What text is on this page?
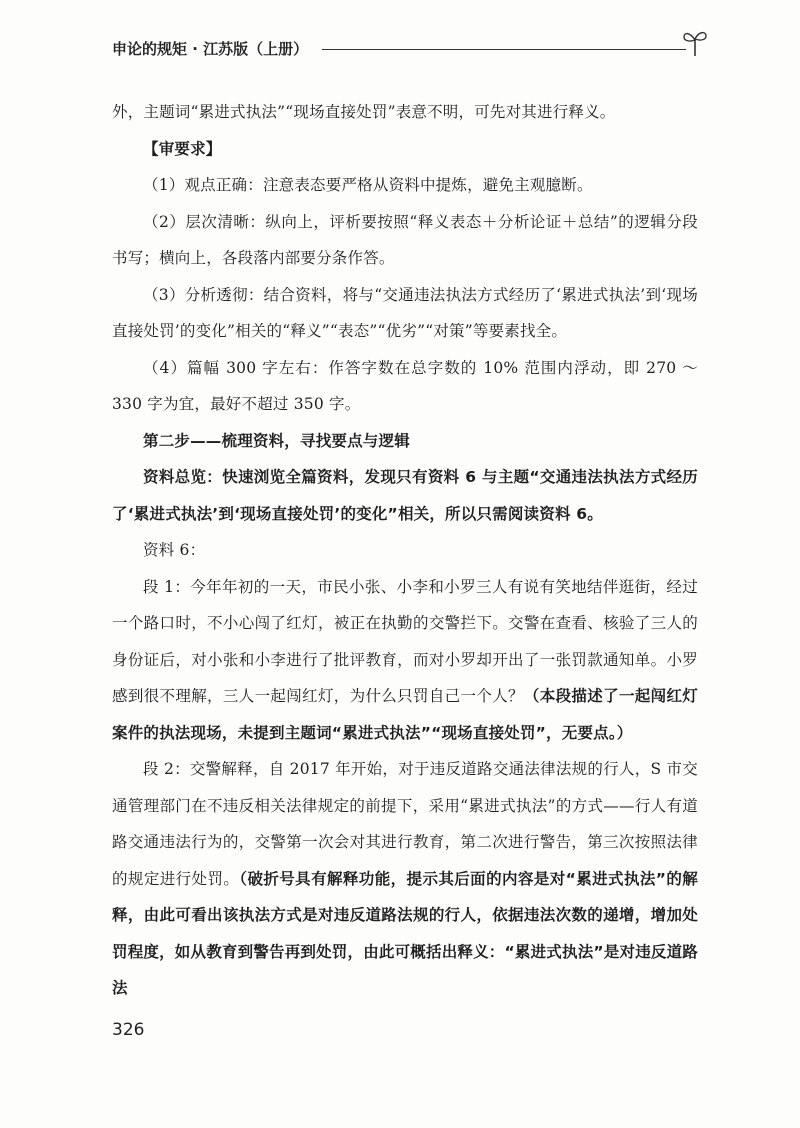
申论的规矩 · 江苏版（上册）

外，主题词“累进式执法”“现场直接处罚”表意不明，可先对其进行释义。

【审要求】

（1）观点正确：注意表态要严格从资料中提炼，避免主观臆断。

（2）层次清晰：纵向上，评析要按照“释义表态＋分析论证＋总结”的逻辑分段书写；横向上，各段落内部要分条作答。

（3）分析透彻：结合资料，将与“交通违法执法方式经历了‘累进式执法’到‘现场直接处罚’的变化”相关的“释义”“表态”“优劣”“对策”等要素找全。

（4）篇幅 300 字左右：作答字数在总字数的 10% 范围内浮动，即 270 ～ 330 字为宜，最好不超过 350 字。

第二步——梳理资料，寻找要点与逻辑

资料总览：快速浏览全篇资料，发现只有资料 6 与主题“交通违法执法方式经历了‘累进式执法’到‘现场直接处罚’的变化”相关，所以只需阅读资料 6。

资料 6：

段 1：今年年初的一天，市民小张、小李和小罗三人有说有笑地结伴逛街，经过一个路口时，不小心闯了红灯，被正在执勤的交警拦下。交警在查看、核验了三人的身份证后，对小张和小李进行了批评教育，而对小罗却开出了一张罚款通知单。小罗感到很不理解，三人一起闯红灯，为什么只罚自己一个人？（本段描述了一起闯红灯案件的执法现场，未提到主题词“累进式执法”“现场直接处罚”，无要点。）

段 2：交警解释，自 2017 年开始，对于违反道路交通法律法规的行人，S 市交通管理部门在不违反相关法律规定的前提下，采用“累进式执法”的方式——行人有道路交通违法行为的，交警第一次会对其进行教育，第二次进行警告，第三次按照法律的规定进行处罚。（破折号具有解释功能，提示其后面的内容是对“累进式执法”的解释，由此可看出该执法方式是对违反道路法规的行人，依据违法次数的递增，增加处罚程度，如从教育到警告再到处罚，由此可概括出释义：“累进式执法”是对违反道路法

326
